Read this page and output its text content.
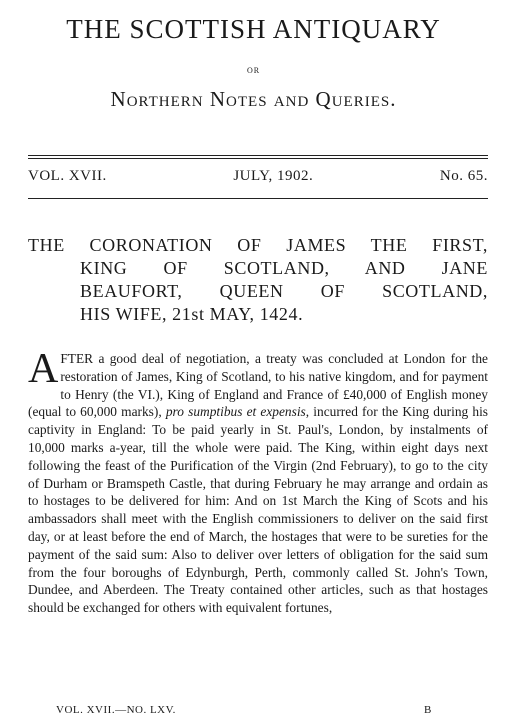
THE SCOTTISH ANTIQUARY
OR
Northern Notes and Queries.
VOL. XVII.	JULY, 1902.	No. 65.
THE CORONATION OF JAMES THE FIRST,
KING OF SCOTLAND, AND JANE
BEAUFORT, QUEEN OF SCOTLAND,
HIS WIFE, 21st MAY, 1424.
AFTER a good deal of negotiation, a treaty was concluded at London for the restoration of James, King of Scotland, to his native kingdom, and for payment to Henry (the VI.), King of England and France of £40,000 of English money (equal to 60,000 marks), pro sumptibus et expensis, incurred for the King during his captivity in England: To be paid yearly in St. Paul's, London, by instalments of 10,000 marks a-year, till the whole were paid. The King, within eight days next following the feast of the Purification of the Virgin (2nd February), to go to the city of Durham or Bramspeth Castle, that during February he may arrange and ordain as to hostages to be delivered for him: And on 1st March the King of Scots and his ambassadors shall meet with the English commissioners to deliver on the said first day, or at least before the end of March, the hostages that were to be sureties for the payment of the said sum: Also to deliver over letters of obligation for the said sum from the four boroughs of Edynburgh, Perth, commonly called St. John's Town, Dundee, and Aberdeen. The Treaty contained other articles, such as that hostages should be exchanged for others with equivalent fortunes,
VOL. XVII.—NO. LXV.	B
